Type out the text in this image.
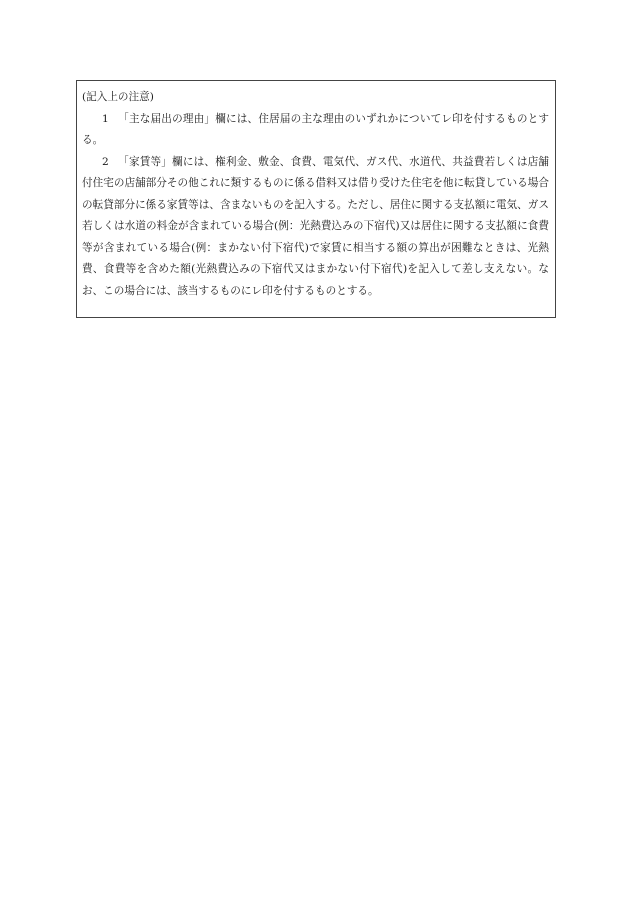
(記入上の注意)

1 「主な届出の理由」欄には、住居届の主な理由のいずれかについてレ印を付するものとする。

2 「家賃等」欄には、権利金、敷金、食費、電気代、ガス代、水道代、共益費若しくは店舗付住宅の店舗部分その他これに類するものに係る借料又は借り受けた住宅を他に転貸している場合の転貸部分に係る家賃等は、含まないものを記入する。ただし、居住に関する支払額に電気、ガス若しくは水道の料金が含まれている場合(例：光熱費込みの下宿代)又は居住に関する支払額に食費等が含まれている場合(例：まかない付下宿代)で家賃に相当する額の算出が困難なときは、光熱費、食費等を含めた額(光熱費込みの下宿代又はまかない付下宿代)を記入して差し支えない。なお、この場合には、該当するものにレ印を付するものとする。
